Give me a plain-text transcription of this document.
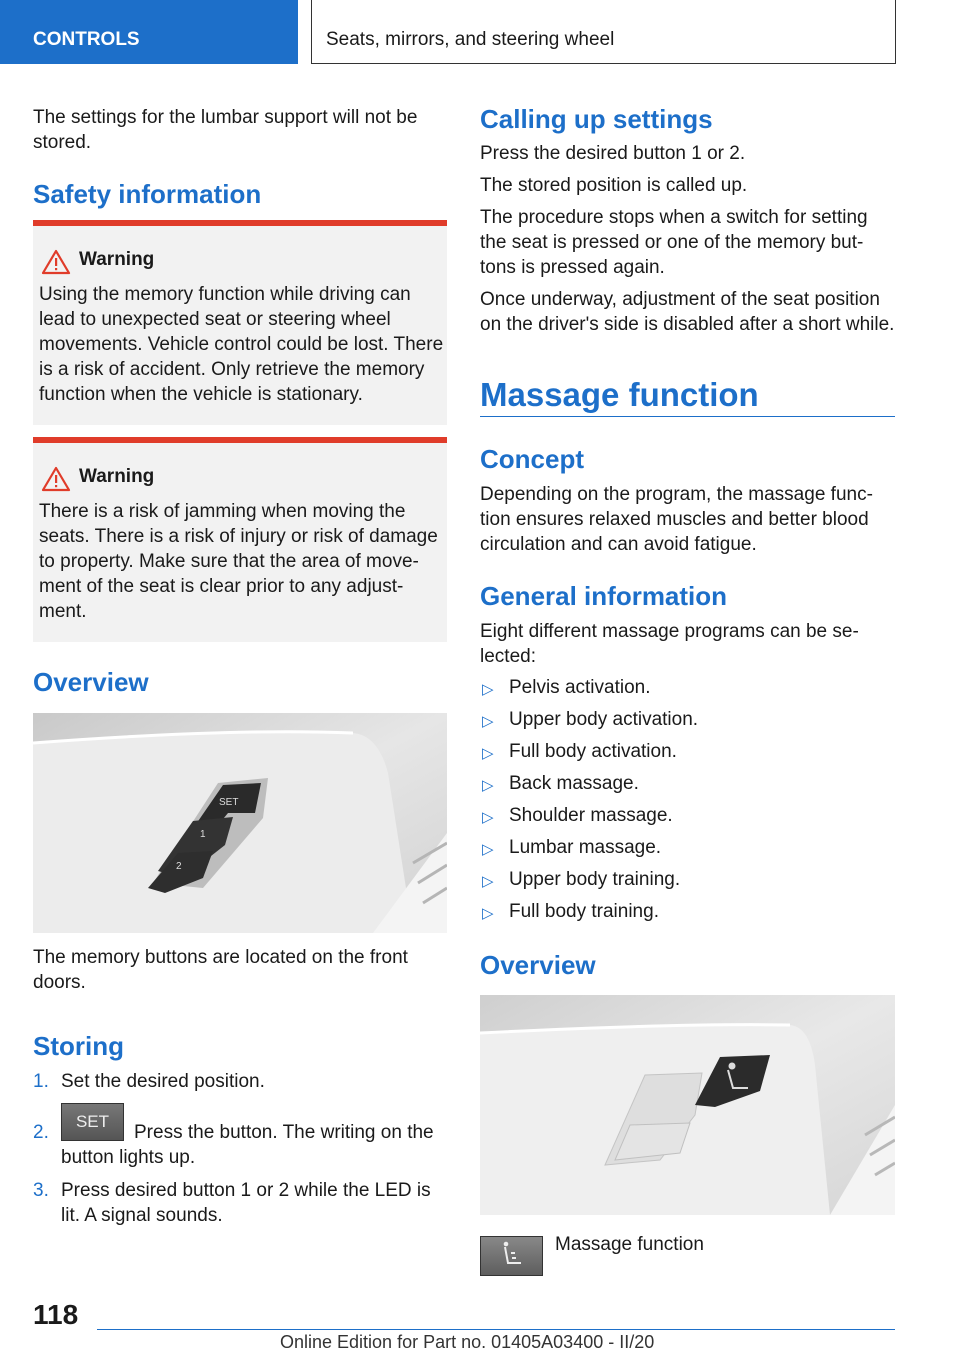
CONTROLS	Seats, mirrors, and steering wheel

The settings for the lumbar support will not be stored.

Safety information
Warning

Using the memory function while driving can lead to unexpected seat or steering wheel movements. Vehicle control could be lost. There is a risk of accident. Only retrieve the memory function when the vehicle is stationary.

Warning

There is a risk of jamming when moving the seats. There is a risk of injury or risk of damage to property. Make sure that the area of movement of the seat is clear prior to any adjustment.

Overview
SET
1
2

The memory buttons are located on the front doors.

Storing
1. Set the desired position.
2.
SET
Press the button. The writing on the
button lights up.
3. Press desired button 1 or 2 while the LED is
lit. A signal sounds.
Calling up settings

Press the desired button 1 or 2.

The stored position is called up.

The procedure stops when a switch for setting the seat is pressed or one of the memory buttons is pressed again.

Once underway, adjustment of the seat position on the driver's side is disabled after a short while.

Massage function
Concept

Depending on the program, the massage function ensures relaxed muscles and better blood circulation and can avoid fatigue.

General information

Eight different massage programs can be selected:

▷ Pelvis activation.
▷ Upper body activation.
▷ Full body activation.
▷ Back massage.
▷ Shoulder massage.
▷ Lumbar massage.
▷ Upper body training.
▷ Full body training.
Overview

Massage function

118
Online Edition for Part no. 01405A03400 - II/20
